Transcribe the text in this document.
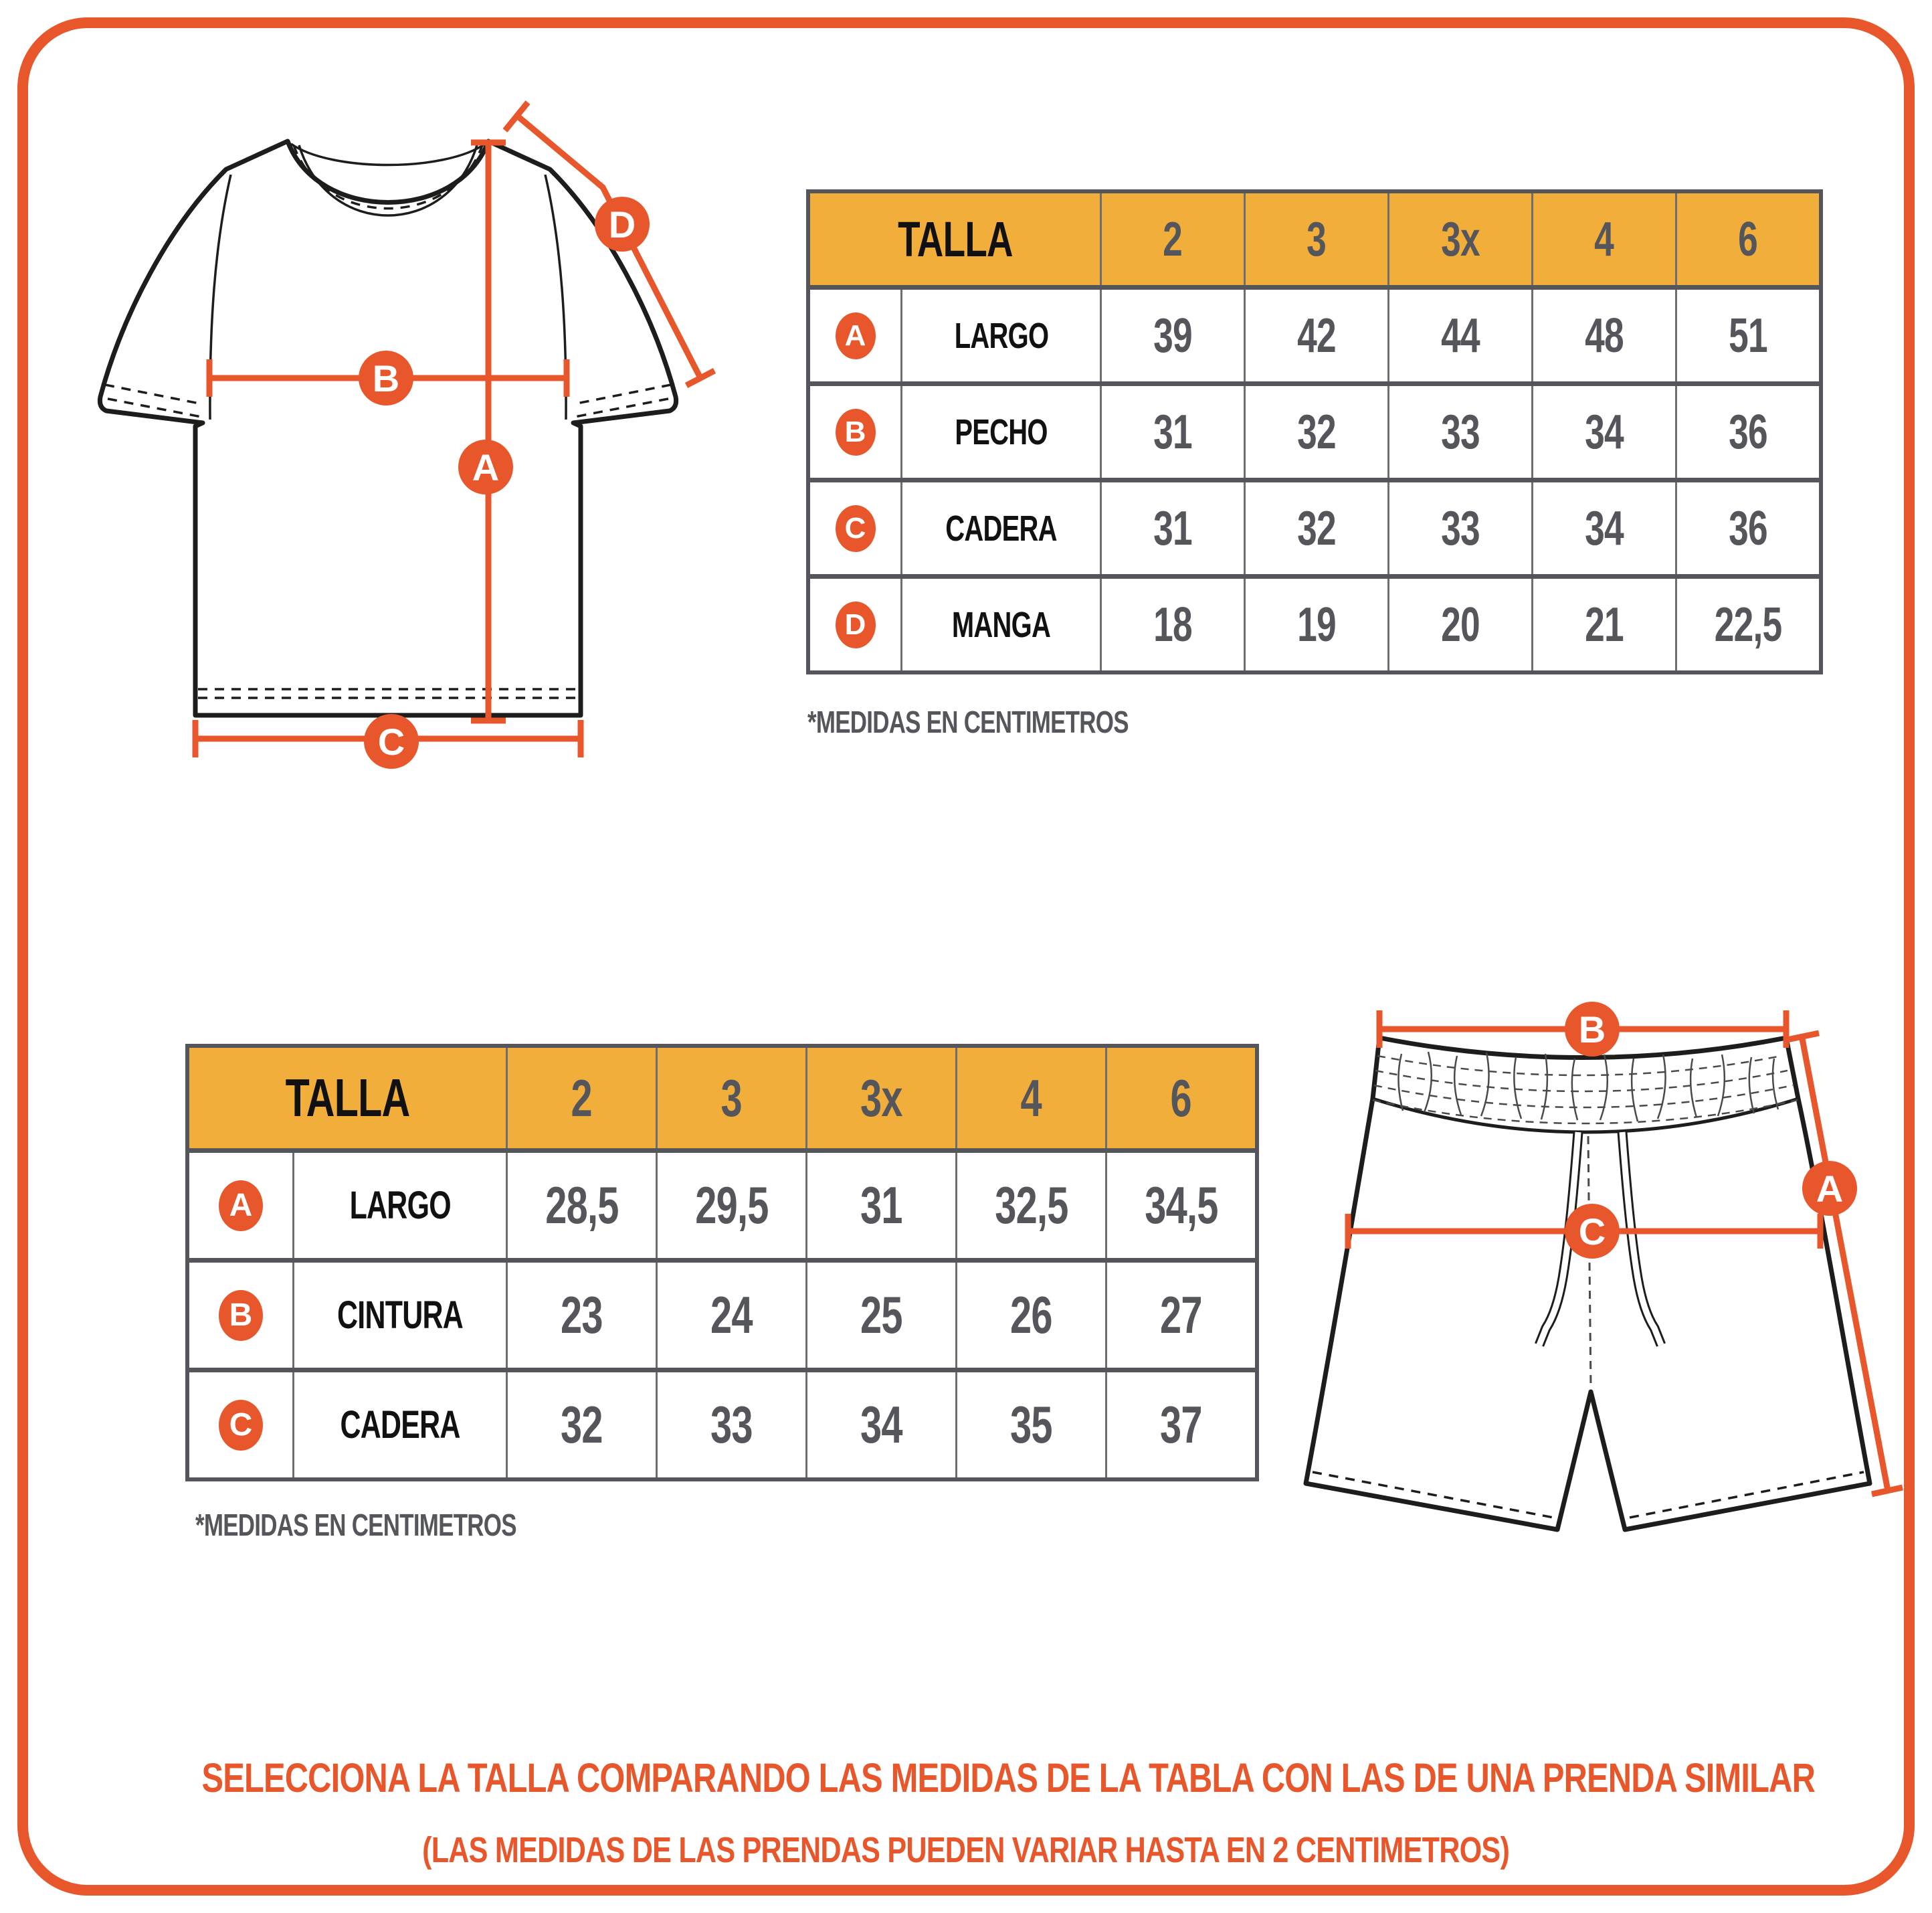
B
A
C
D	TALLA	2	3 3x 4	6
A LARGO 39 42 44 48 51
B PECHO 31 32 33 34 36
C CADERA 31 32 33 34 36
D MANGA 18 19 20 21 22,5
*MEDIDAS EN CENTIMETROS
TALLA	2 3 3x 4 6
A	LARGO 28,5 29,5 31 32,5 34,5
B CINTURA 23 24 25 26 27
C CADERA 32 33 34 35 37
*MEDIDAS EN CENTIMETROS
B
A
C
SELECCIONA LA TALLA COMPARANDO LAS MEDIDAS DE LA TABLA CON LAS DE UNA PRENDA SIMILAR
(LAS MEDIDAS DE LAS PRENDAS PUEDEN VARIAR HASTA EN 2 CENTIMETROS)
